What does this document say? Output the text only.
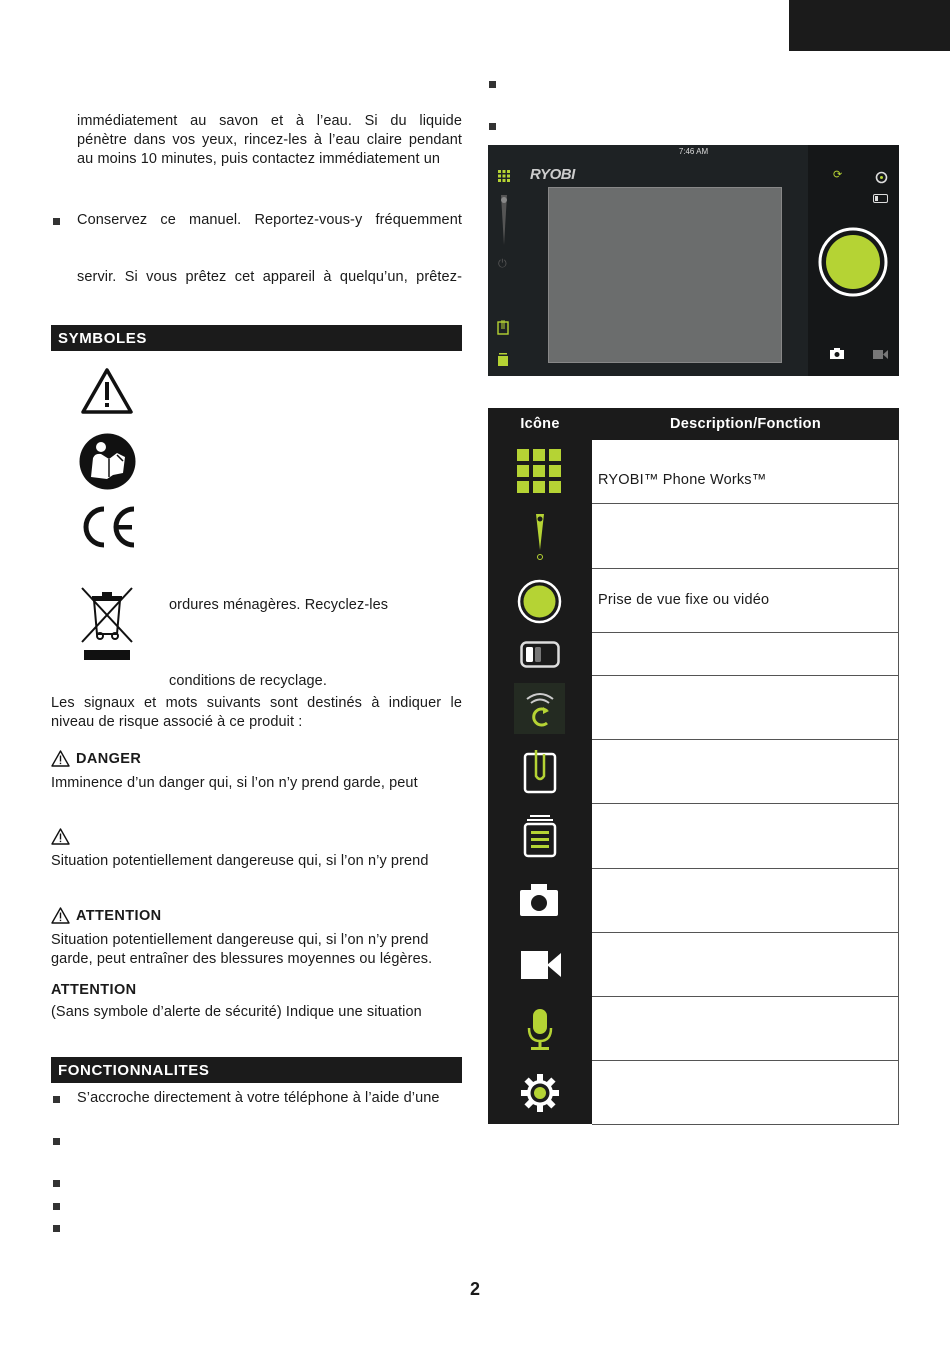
immédiatement au savon et à l’eau. Si du liquide
pénètre dans vos yeux, rincez-les à l’eau claire pendant
au moins 10 minutes, puis contactez immédiatement un
Conservez ce manuel. Reportez-vous-y fréquemment
servir. Si vous prêtez cet appareil à quelqu’un, prêtez-
SYMBOLES
ordures ménagères. Recyclez-les
conditions de recyclage.
Les signaux et mots suivants sont destinés à indiquer le
niveau de risque associé à ce produit :
DANGER
Imminence d’un danger qui, si l’on n’y prend garde, peut
Situation potentiellement dangereuse qui, si l’on n’y prend
ATTENTION
Situation potentiellement dangereuse qui, si l’on n’y prend
garde, peut entraîner des blessures moyennes ou légères.
ATTENTION
(Sans symbole d’alerte de sécurité) Indique une situation
FONCTIONNALITES
S’accroche directement à votre téléphone à l’aide d’une
7:46 AM
RYOBI
⏻
⟳
Icône	Description/Fonction
RYOBI™ Phone Works™
Prise de vue fixe ou vidéo
2
